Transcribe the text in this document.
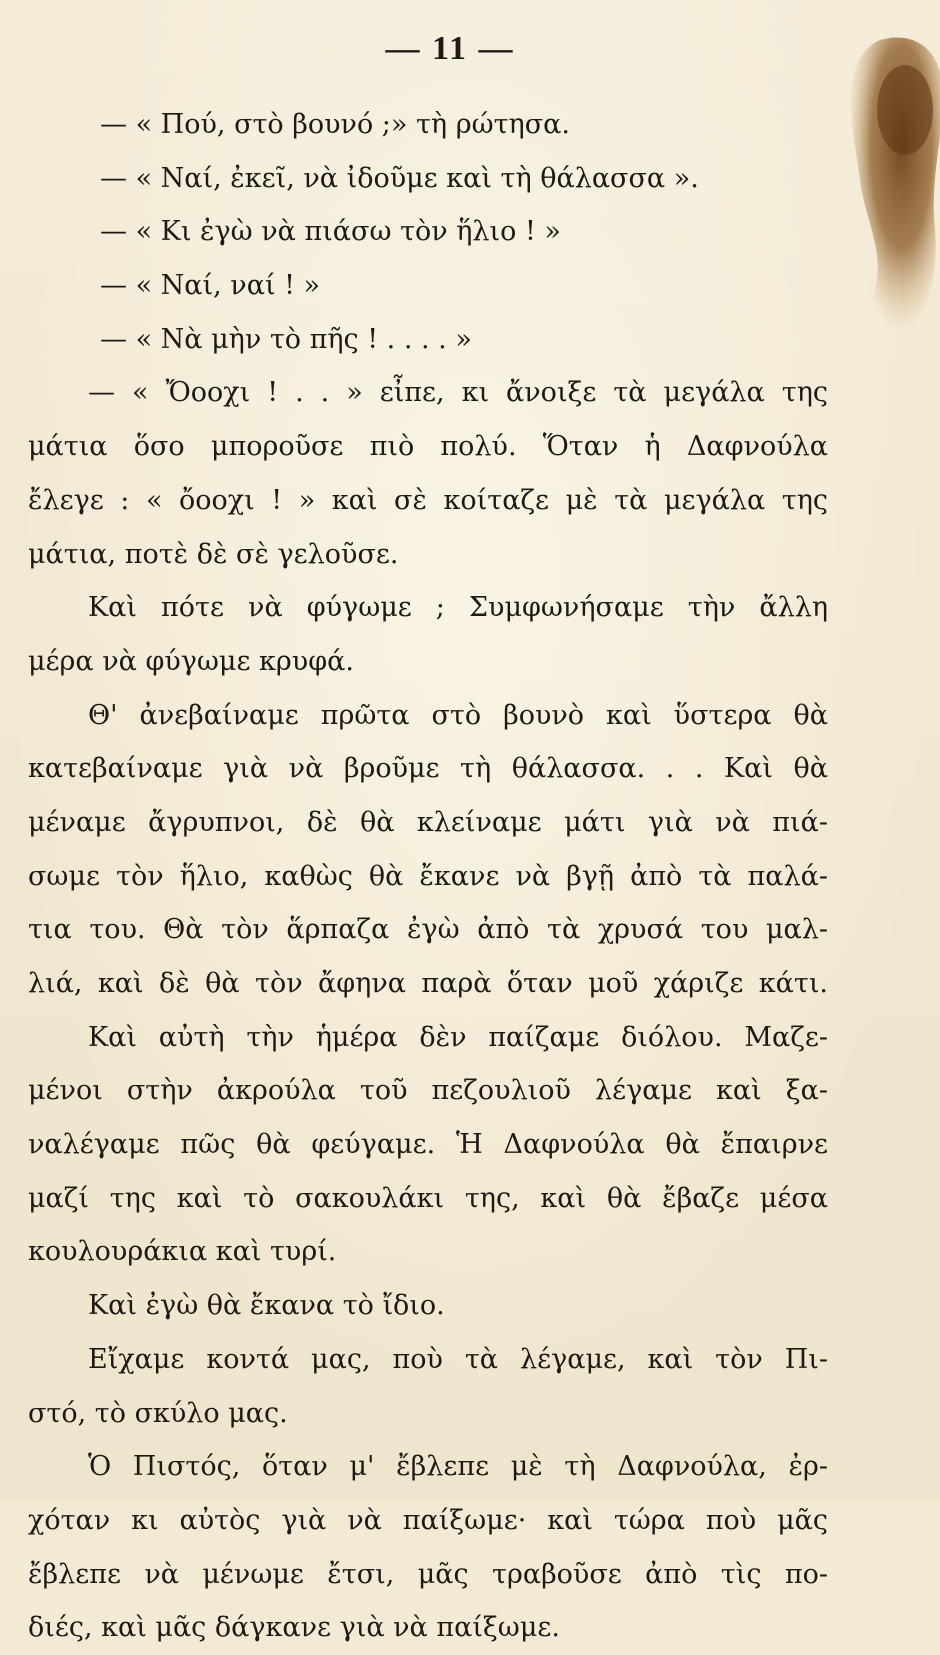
— 11 —
— « Πού, στὸ βουνό ;» τὴ ρώτησα.
— « Ναί, ἐκεῖ, νὰ ἰδοῦμε καὶ τὴ θάλασσα ».
— « Κι ἐγὼ νὰ πιάσω τὸν ἥλιο ! »
— « Ναί, ναί ! »
— « Νὰ μὴν τὸ πῆς ! . . . . »
— « Ὄοοχι ! . . » εἶπε, κι ἄνοιξε τὰ μεγάλα της
μάτια ὅσο μποροῦσε πιὸ πολύ. Ὅταν ἡ Δαφνούλα
ἔλεγε : « ὄοοχι ! » καὶ σὲ κοίταζε μὲ τὰ μεγάλα της
μάτια, ποτὲ δὲ σὲ γελοῦσε.
Καὶ πότε νὰ φύγωμε ; Συμφωνήσαμε τὴν ἄλλη
μέρα νὰ φύγωμε κρυφά.
Θ' ἀνεβαίναμε πρῶτα στὸ βουνὸ καὶ ὕστερα θὰ
κατεβαίναμε γιὰ νὰ βροῦμε τὴ θάλασσα. . . Καὶ θὰ
μέναμε ἄγρυπνοι, δὲ θὰ κλείναμε μάτι γιὰ νὰ πιά-
σωμε τὸν ἥλιο, καθὼς θὰ ἔκανε νὰ βγῇ ἀπὸ τὰ παλά-
τια του. Θὰ τὸν ἅρπαζα ἐγὼ ἀπὸ τὰ χρυσά του μαλ-
λιά, καὶ δὲ θὰ τὸν ἄφηνα παρὰ ὅταν μοῦ χάριζε κάτι.
Καὶ αὐτὴ τὴν ἡμέρα δὲν παίζαμε διόλου. Μαζε-
μένοι στὴν ἀκρούλα τοῦ πεζουλιοῦ λέγαμε καὶ ξα-
ναλέγαμε πῶς θὰ φεύγαμε. Ἡ Δαφνούλα θὰ ἔπαιρνε
μαζί της καὶ τὸ σακουλάκι της, καὶ θὰ ἔβαζε μέσα
κουλουράκια καὶ τυρί.
Καὶ ἐγὼ θὰ ἔκανα τὸ ἴδιο.
Εἴχαμε κοντά μας, ποὺ τὰ λέγαμε, καὶ τὸν Πι-
στό, τὸ σκύλο μας.
Ὁ Πιστός, ὅταν μ' ἔβλεπε μὲ τὴ Δαφνούλα, ἐρ-
χόταν κι αὐτὸς γιὰ νὰ παίξωμε· καὶ τώρα ποὺ μᾶς
ἔβλεπε νὰ μένωμε ἔτσι, μᾶς τραβοῦσε ἀπὸ τὶς πο-
διές, καὶ μᾶς δάγκανε γιὰ νὰ παίξωμε.
